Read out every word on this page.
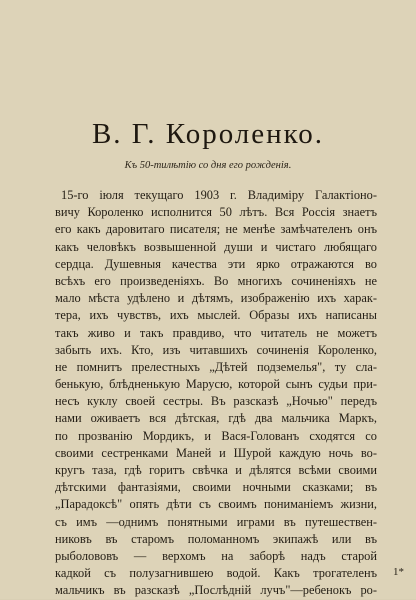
В. Г. Короленко.
Къ 50-тилѣтiю со дня его рожденiя.
15-го iюля текущаго 1903 г. Владимiру Галактiоно-
вичу Короленко исполнится 50 лѣтъ. Вся Россiя знаетъ
его какъ даровитаго писателя; не менѣе замѣчателенъ онъ
какъ человѣкъ возвышенной души и чистаго любящаго
сердца. Душевныя качества эти ярко отражаются во
всѣхъ его произведенiяхъ. Во многихъ сочиненiяхъ не
мало мѣста удѣлено и дѣтямъ, изображенiю ихъ харак-
тера, ихъ чувствъ, ихъ мыслей. Образы ихъ написаны
такъ живо и такъ правдиво, что читатель не можетъ
забыть ихъ. Кто, изъ читавшихъ сочиненiя Короленко,
не помнитъ прелестныхъ „Дѣтей подземелья", ту сла-
бенькую, блѣдненькую Марусю, которой сынъ судьи при-
несъ куклу своей сестры. Въ разсказѣ „Ночью" передъ
нами оживаетъ вся дѣтская, гдѣ два мальчика Маркъ,
по прозванiю Мордикъ, и Вася-Голованъ сходятся со
своими сестренками Маней и Шурой каждую ночь во-
кругъ таза, гдѣ горитъ свѣчка и дѣлятся всѣми своими
дѣтскими фантазiями, своими ночными сказками; въ
„Парадоксѣ" опять дѣти съ своимъ пониманiемъ жизни,
съ имъ —однимъ понятными играми въ путешествен-
никовъ въ старомъ поломанномъ экипажѣ или въ
рыболововъ — верхомъ на заборѣ надъ старой
кадкой съ полузагнившею водой. Какъ трогателенъ
мальчикъ въ разсказѣ „Послѣднiй лучъ"—ребенокъ ро-
1*
